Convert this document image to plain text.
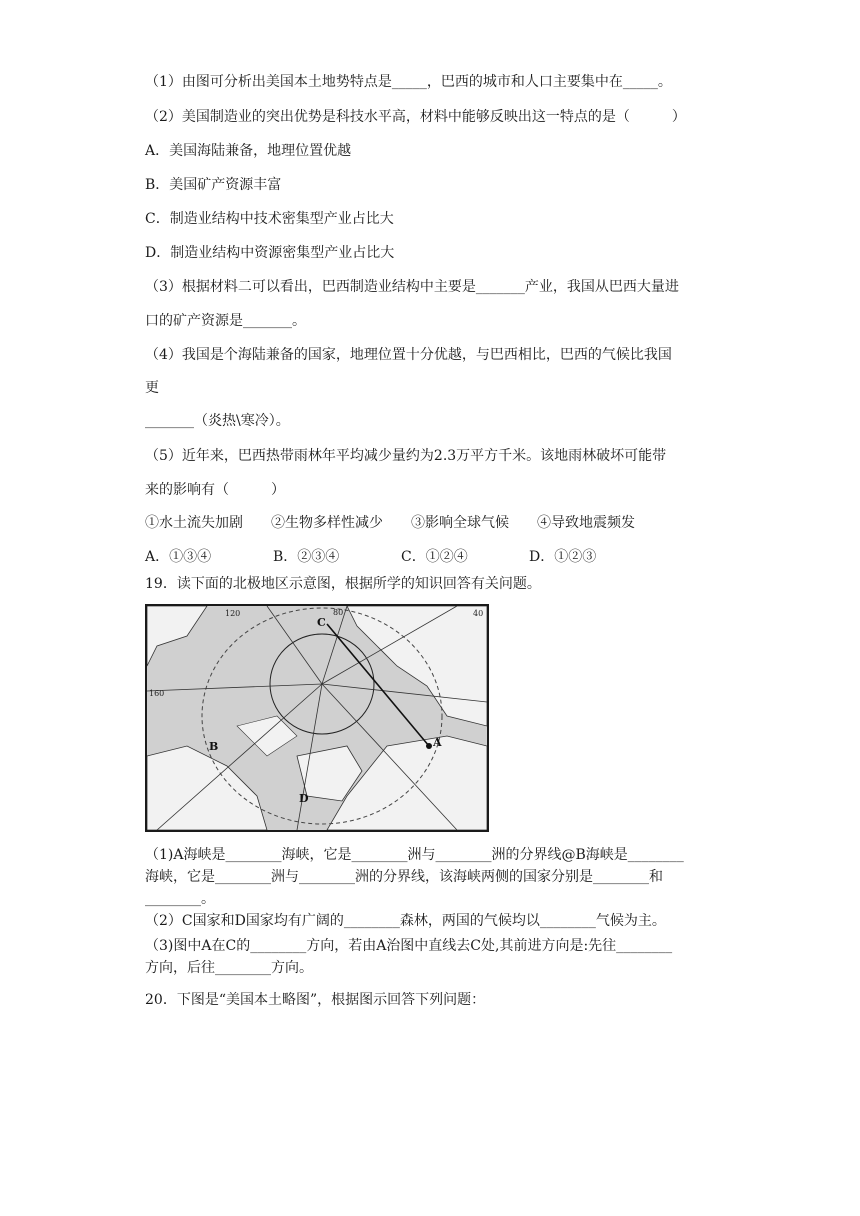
（1）由图可分析出美国本土地势特点是_____，巴西的城市和人口主要集中在_____。
（2）美国制造业的突出优势是科技水平高，材料中能够反映出这一特点的是（　　　）
A．美国海陆兼备，地理位置优越
B．美国矿产资源丰富
C．制造业结构中技术密集型产业占比大
D．制造业结构中资源密集型产业占比大
（3）根据材料二可以看出，巴西制造业结构中主要是_______产业，我国从巴西大量进
口的矿产资源是_______。
（4）我国是个海陆兼备的国家，地理位置十分优越，与巴西相比，巴西的气候比我国
更
_______（炎热\寒冷）。
（5）近年来，巴西热带雨林年平均减少量约为2.3万平方千米。该地雨林破坏可能带
来的影响有（　　　）
①水土流失加剧　　②生物多样性减少　　③影响全球气候　　④导致地震频发
A．①③④	B．②③④	C．①②④	D．①②③
19．读下面的北极地区示意图，根据所学的知识回答有关问题。
120	80	40
160
A
B
C
D
（1)A海峡是________海峡，它是________洲与________洲的分界线@B海峡是________
海峡，它是________洲与________洲的分界线，该海峡两侧的国家分别是________和
________。
（2）C国家和D国家均有广阔的________森林，两国的气候均以________气候为主。
（3)图中A在C的________方向，若由A治图中直线去C处,其前进方向是:先往________
方向，后往________方向。
20．下图是“美国本土略图”，根据图示回答下列问题：
